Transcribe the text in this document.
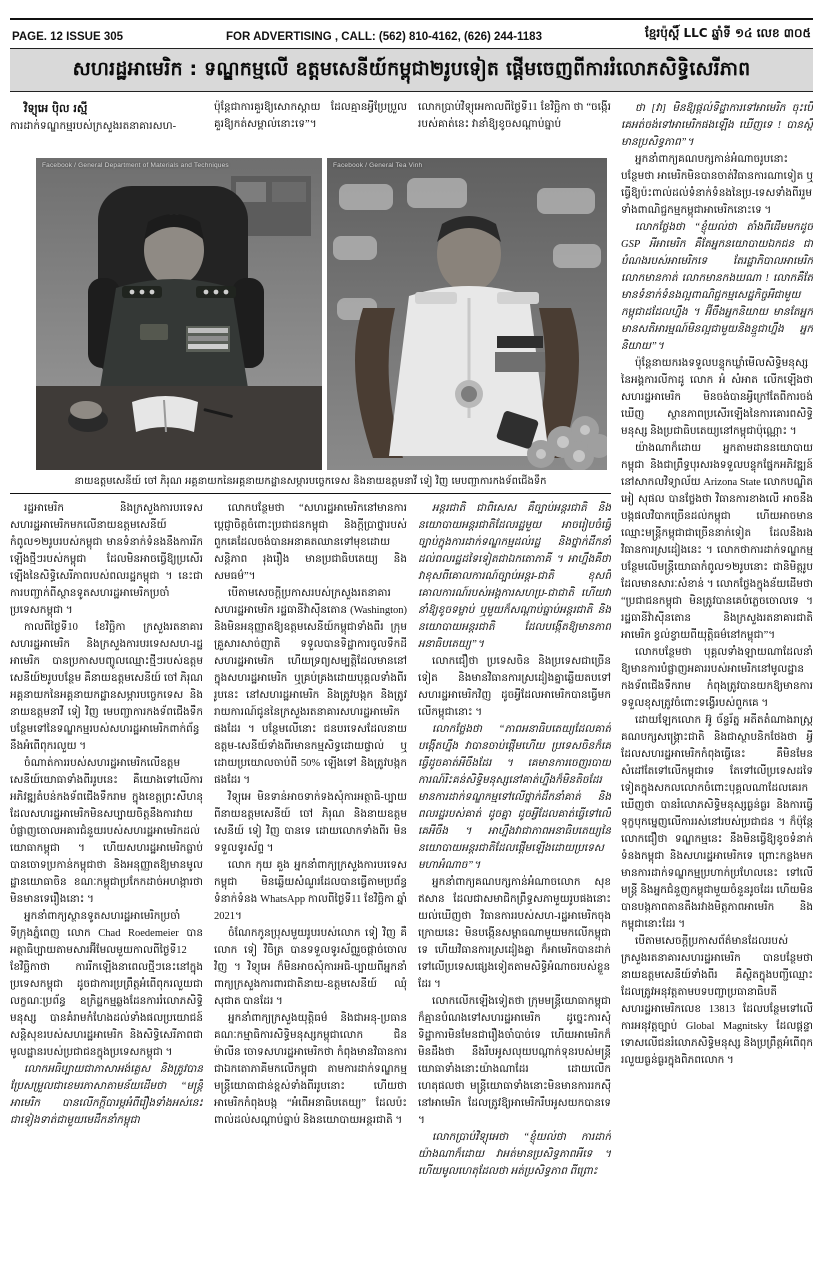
PAGE. 12 ISSUE 305	FOR ADVERTISING , CALL: (562) 810-4162, (626) 244-1183	ខ្មែរប៉ុស្ដិ៍ LLC ឆ្នាំទី ១៤ លេខ ៣០៥
សហរដ្ឋអាមេរិក : ទណ្ឌកម្មលើ ឧត្តមសេនីយ៍កម្ពុជា២រូបទៀត ផ្ដើមចេញពីការរំលោភសិទ្ធិសេរីភាព
វិទ្យុអេ ប៉ិល រស្មី
ការដាក់ទណ្ឌកម្មរបស់ក្រសួងរតនាគារសហ-
ប៉ុន្តែជាការគួរឱ្យសោកស្ដាយ ដែលគ្មានអ្វីប្រែប្រួលគួរឱ្យកត់សម្គាល់នោះទេ”។
លោកប្រាប់វិទ្យុអេកាលពីថ្ងៃទី11 ខែវិច្ឆិកា ថា “ចង្កើររបស់គាត់នេះ វានាំឱ្យខូចសណ្ដាប់ធ្នាប់
Facebook / General Department of Materials and Techniques	Facebook / General Tea Vinh
នាយឧត្តមសេនីយ៍ ចៅ ភិរុណ អគ្គនាយកនៃអគ្គនាយកដ្ឋានសម្ភារបច្ចេកទេស និងនាយឧត្តមនាវី ទៀ វិញ មេបញ្ជាការកងទ័ពជើងទឹក

រដ្ឋអាមេរិក និងក្រសួងការបរទេសសហរដ្ឋអាមេរិកមកលើនាយឧត្តមសេនីយ៍កំពូល១២រូបរបស់កម្ពុជា មានទំនាក់ទំនងនឹងការរីកឡើងថ្មីៗរបស់កម្ពុជា ដែលមិនអាចធ្វើឱ្យប្រសើរឡើងនៃសិទ្ធិសេរីភាពរបស់ពលរដ្ឋកម្ពុជា ។ នេះជាការបញ្ជាក់ពីស្ថានទូតសហរដ្ឋអាមេរិកប្រចាំប្រទេសកម្ពុជា ។

កាលពីថ្ងៃទី10 ខែវិច្ឆិកា ក្រសួងរតនាគារសហរដ្ឋអាមេរិក និងក្រសួងការបរទេសសហ-រដ្ឋអាមេរិក បានប្រកាសបញ្ចូលឈ្មោះថ្មីៗរបស់ឧត្តមសេនីយ៍២រូបបន្ថែម គឺនាយឧត្តមសេនីយ៍ ចៅ ភិរុណ អគ្គនាយកនៃអគ្គនាយកដ្ឋានសម្ភារបច្ចេកទេស និងនាយឧត្តមនាវី ទៀ វិញ មេបញ្ជាការកងទ័ពជើងទឹក បន្ថែមទៅនៃទណ្ឌកម្មរបស់សហរដ្ឋអាមេរិកពាក់ព័ន្ធនឹងអំពើពុករលួយ ។

ចំណាត់ការរបស់សហរដ្ឋអាមេរិកលើឧត្តមសេនីយ៍យោធាទាំងពីររូបនេះ គឺយោងទៅលើការអភិវឌ្ឍតំបន់កងទ័ពជើងទឹករាម ក្នុងខេត្តព្រះសីហនុ ដែលសហរដ្ឋអាមេរិកមិនសប្បាយចិត្តនឹងការវាយបំផ្លាញចោលអគារជំនួយរបស់សហរដ្ឋអាមេរិកដល់យោធាកម្ពុជា ។ ហើយសហរដ្ឋអាមេរិកធ្លាប់បានចោទប្រកាន់កម្ពុជាថា និងអនុញ្ញាតឱ្យមានមូលដ្ឋានយោធាចិន ខណៈកម្ពុជាប្រកែកដាច់អហង្ការថា មិនមានទេរឿងនោះ ។

អ្នកនាំពាក្យស្ថានទូតសហរដ្ឋអាមេរិកប្រចាំទីក្រុងភ្នំពេញ លោក Chad Roedemeier បានអត្ថាធិប្បាយតាមសារអ៊ីមែលមួយកាលពីថ្ងៃទី12 ខែវិច្ឆិកាថា ការរីកឡើងនាពេលថ្មីៗនេះនៅក្នុងប្រទេសកម្ពុជា ដូចជាការប្រព្រឹត្តអំពើពុករលួយជាលក្ខណៈប្រព័ន្ធ ឧក្រិដ្ឋកម្មឆ្លងដែនការរំលោភសិទ្ធិមនុស្ស បានគំរាមកំហែងដល់ទាំងផលប្រយោជន៍សន្តិសុខរបស់សហរដ្ឋអាមេរិក និងសិទ្ធិសេរីភាពជាមូលដ្ឋានរបស់ប្រជាជនក្នុងប្រទេសកម្ពុជា ។

លោកអធិប្បាយជាភាសាអង់គ្លេស និងត្រូវបានប្រែសម្រួលជាខេមរភាសាតាមន័យដើមថា “មន្ត្រីអាមេរិក បានលើកក្ដីបារម្ភអំពីរឿងទាំងអស់នេះជាទៀងទាត់ជាមួយមេដឹកនាំកម្ពុជា

លោកបន្ថែមថា “សហរដ្ឋអាមេរិកនៅមានការប្ដេជ្ញាចិត្តចំពោះប្រជាជនកម្ពុជា និងក្ដីប្រាថ្នារបស់ពួកគេដែលចង់បានអនាគតឈានទៅមុខដោយសន្តិភាព រុងរឿង មានប្រជាធិបតេយ្យ និងសមធម៌”។

បើតាមសេចក្ដីប្រកាសរបស់ក្រសួងរតនាគារសហរដ្ឋអាមេរិក រដ្ឋធានីវ៉ាស៊ីនតោន (Washington) និងមិនអនុញ្ញាតឱ្យឧត្តមសេនីយ៍កម្ពុជាទាំងពីរ ក្រុមគ្រួសារសាច់ញាតិ ទទួលបានទិដ្ឋាការចូលទឹកដីសហរដ្ឋអាមេរិក ហើយទ្រព្យសម្បត្តិដែលមាននៅក្នុងសហរដ្ឋអាមេរិក ឬគ្រប់គ្រងដោយបុគ្គលទាំងពីររូបនេះ នៅសហរដ្ឋអាមេរិក និងត្រូវបង្កក និងត្រូវរាយការណ៍ជូននៃក្រសួងរតនាគារសហរដ្ឋអាមេរិកផងដែរ ។ បន្ថែមលើនោះ ជនបរទេសដែលនាយឧត្តម-សេនីយ៍ទាំងពីរមានកម្មសិទ្ធដោយផ្ទាល់ ឬដោយប្រយោលចាប់ពី 50% ឡើងទៅ និងត្រូវបង្កកផងដែរ ។

វិទ្យុអេ មិនទាន់អាចទាក់ទងសុំការអត្ថាធិ-ប្បាយ ពីនាយឧត្តមសេនីយ៍ ចៅ ភិរុណ និងនាយឧត្តមសេនីយ៍ ទៀ វិញ បានទេ ដោយលោកទាំងពីរ មិនទទួលទូរស័ព្ទ ។

លោក កុយ គួង អ្នកនាំពាក្យក្រសួងការបរទេសកម្ពុជា មិនឆ្លើយសំណួរដែលបានធ្វើតាមប្រព័ន្ធទំនាក់ទំនង WhatsApp កាលពីថ្ងៃទី11 ខែវិច្ឆិកា ឆ្នាំ 2021។

ចំណែកកូនប្រុសមួយរូបរបស់លោក ទៀ វិញ គឺលោក ទៀ វិចិត្រ បានទទួលទូរស័ព្ទរួចផ្ដាច់ចោលវិញ ។ វិទ្យុអេ ក៏មិនអាចសុំការអធិ-ប្បាយពីអ្នកនាំពាក្យក្រសួងការពារជាតិនាយ-ឧត្តមសេនីយ៍ ឈុំ សុជាត បានដែរ ។

អ្នកនាំពាក្យក្រសួងយុត្តិធម៌ និងជាអនុ-ប្រធានគណៈកម្មាធិការសិទ្ធិមនុស្សកម្ពុជាលោក ជិន ម៉ាលីន ចោទសហរដ្ឋអាមេរិកថា កំពុងមានវិធានការជាឯកតោភាគីមកលើកម្ពុជា តាមការដាក់ទណ្ឌកម្មមន្ត្រីយោធាជាន់ខ្ពស់ទាំងពីររូបនោះ ហើយថា អាមេរិកកំពុងបង្ក “អំពើអនាធិបតេយ្យ” ដែលប៉ះពាល់ដល់សណ្ដាប់ធ្នាប់ និងនយោបាយអន្តរជាតិ ។

អន្តរជាតិ ជាពិសេស គឺច្បាប់អន្តរជាតិ និងនយោបាយអន្តរជាតិដែលរដ្ឋមួយ អាចរៀបចំធ្វើច្បាប់ក្នុងការដាក់ទណ្ឌកម្មដល់រដ្ឋ និងថ្នាក់ដឹកនាំ ដល់ពលរដ្ឋដទៃទៀតជាឯកតោភាគី ។ អាហ្នឹងគឺថា វាខុសពីគោលការណ៍ច្បាប់អន្តរ-ជាតិ ខុសពីគោលការណ៍របស់អង្គការសហប្រ-ជាជាតិ ហើយវានាំឱ្យខូចទម្លាប់ ឬមួយក៏សណ្ដាប់ធ្នាប់អន្តរជាតិ និងនយោបាយអន្តរជាតិ ដែលបង្កើតឱ្យមានភាពអនាធិបតេយ្យ”។

លោកជឿថា ប្រទេសចិន និងប្រទេសជាច្រើនទៀត និងមានវិធានការស្រដៀងគ្នាឆ្លើយតបទៅសហរដ្ឋអាមេរិកវិញ ដូចអ្វីដែលអាមេរិកបានធ្វើមកលើកម្ពុជានោះ ។

លោកថ្លែងថា “ភាពអនាធិបតេយ្យដែលគាត់បង្កើតហ្នឹង វាបានចាប់ផ្ដើមហើយ ប្រទេសចិនក៏គេធ្វើដូចគាត់អីចឹងដែរ ។ គេមានការចេញរបាយការណ៍រិះគន់សិទ្ធិមនុស្សនៅគាត់ហ្នឹងក៏មិនតិចដែរ មានការដាក់ទណ្ឌកម្មទៅលើថ្នាក់ដឹកនាំគាត់ និងពលរដ្ឋរបស់គាត់ ដូចគ្នា ដូចអ្វីដែលគាត់ធ្វើទៅលើគេអីចឹង ។ អាហ្នឹងវាជាភាពអនាធិបតេយ្យនៃនយោបាយអន្តរជាតិដែលផ្ដើមឡើងដោយប្រទេសមហាអំណាច”។

អ្នកនាំពាក្យគណបក្សកាន់អំណាចលោក សុខ ឥសាន ដែលជាសមាជិកព្រឹទ្ធសភាមួយរូបផងនោះយល់ឃើញថា វិធានការរបស់សហ-រដ្ឋអាមេរិកចុងក្រោយនេះ មិនបង្កើនសម្ពាធណាមួយមកលើកម្ពុជាទេ ហើយវិធានការស្រដៀងគ្នា ក៏អាមេរិកបានដាក់ទៅលើប្រទេសផ្សេងទៀតតាមសិទ្ធិអំណាចរបស់ខ្លួនដែរ ។

លោកលើកឡើងទៀតថា ក្រុមមន្ត្រីយោធាកម្ពុជា ក៏គ្មានបំណងទៅសហរដ្ឋអាមេរិក ដូច្នេះការសុំទិដ្ឋាការមិនមែនជារឿងចាំបាច់ទេ ហើយអាមេរិកក៏មិនដឹងថា នឹងរឹបអូសលុយបណ្ដាក់ទុនរបស់មន្ត្រីយោធាទាំងនោះយ៉ាងណាដែរ ដោយលើកហេតុផលថា មន្ត្រីយោធាទាំងនោះមិនមានការរកស៊ីនៅអាមេរិក ដែលត្រូវឱ្យអាមេរិករឹបអូសយកបានទេ ។

លោកប្រាប់វិទ្យុអេថា “ខ្ញុំយល់ថា ការដាក់យ៉ាងណាក៏ដោយ វាអត់មានប្រសិទ្ធភាពអីទេ ។ ហើយមូលហេតុដែលថា អត់ប្រសិទ្ធភាព ពីព្រោះ

ថា [វា] មិនឱ្យផ្ដល់ទិដ្ឋាការទៅអាមេរិក ចុះបើគេអត់ចង់ទៅអាមេរិកផងឡើង ឃើញទេ ! បានស្ដីមានប្រសិទ្ធភាព”។

អ្នកនាំពាក្យគណបក្សកាន់អំណាចរូបនោះបន្ថែមថា អាមេរិកមិនបានចាត់វិធានការណាទៀត ឬធ្វើឱ្យប៉ះពាល់ដល់ទំនាក់ទំនងនៃប្រ-ទេសទាំងពីររួមទាំងពាណិជ្ជកម្មកម្ពុជាអាមេរិកនោះទេ ។

លោកថ្លែងថា “ខ្ញុំយល់ថា តាំងពីដើមមកដូច GSP អីអាមេរិក គឺតែអ្នកនយោបាយឯកជន ជាបំណងរបស់អាមេរិកទេ តែរដ្ឋាភិបាលអាមេរិក លោកមានកាត់ លោកមានកងឃណា ! លោកគឺតែមានទំនាក់ទំនងល្អពាណិជ្ជកម្មសេដ្ឋកិច្ចអីជាមួយកម្ពុជាដដែលហ្នឹង ។ អ៊ីចឹងអ្នកនិយាយ មានតែអ្នកមានសតិអារម្មណ៍មិនល្អជាមួយនិងខ្មួជាហ្នឹង អ្នកនិយាយ”។

ប៉ុន្តែនាយករងទទួលបន្ទុកឃ្លាំមើលសិទ្ធិមនុស្សនៃអង្គការលីកាដូ លោក អំ សំអាត លើកឡើងថា សហរដ្ឋអាមេរិក មិនចង់បានអ្វីក្រៅតែពីការចង់ឃើញ ស្ថានភាពប្រសើរឡើងនៃការគោរពសិទ្ធិមនុស្ស និងប្រជាធិបតេយ្យនៅកម្ពុជាប៉ុណ្ណោះ ។

យ៉ាងណាក៏ដោយ អ្នកតាមដាននយោបាយកម្ពុជា និងជាព្រឹទ្ធបុរសរងទទួលបន្ទុកផ្នែកអភិវឌ្ឍន៍នៅសាកលវិទ្យាល័យ Arizona State លោកបណ្ឌិត អៀ សុផល បានថ្លែងថា វិធានការខាងលើ អាចនឹងបង្កផលវិបាកច្រើនដល់កម្ពុជា ហើយអាចមានឈ្មោះមន្ត្រីកម្ពុជាជាច្រើននាក់ទៀត ដែលនឹងរងវិធានការស្រដៀងនេះ ។ លោកថាការដាក់ទណ្ឌកម្មបន្ថែមលើមន្ត្រីយោធាកំពូល១២រូបនោះ ជានិមិត្តរូបដែលមានសារៈសំខាន់ ។ លោកថ្លែងក្នុងន័យដើមថា “ប្រជាជនកម្ពុជា មិនត្រូវបានគេបំភ្លេចចោលទេ ។ រដ្ឋធានីវ៉ាស៊ីនតោន និងក្រសួងរតនាគារជាតិអាមេរិក ខ្វល់ខ្វាយពីយុត្តិធម៌នៅកម្ពុជា”។

លោកបន្ថែមថា បុគ្គលទាំងឡាយណាដែលនាំឱ្យមានការបំផ្លាញអគាររបស់អាមេរិកនៅមូលដ្ឋានកងទ័ពជើងទឹករាម កំពុងត្រូវបានយកឱ្យមានការទទួលខុសត្រូវចំពោះទង្វើរបស់ពួកគេ ។

ដោយឡែកលោក អ៊ូ ច័ន្ទរ័ត្ន អតីតតំណាងរាស្ត្រគណបក្សសង្គ្រោះជាតិ និងជាស្ថាបនិកថែងថា អ្វីដែលសហរដ្ឋអាមេរិកកំពុងធ្វើនេះ គឺមិនមែនសំដៅតែទៅលើកម្ពុជាទេ តែទៅលើប្រទេសដទៃទៀតក្នុងសកលលោកចំពោះបុគ្គលណាដែលគេរកឃើញថា បានរំលោភសិទ្ធិមនុស្សធ្ងន់ធ្ងរ និងការធ្វើទុក្ខបុកម្នេញលើការរស់នៅរបស់ប្រជាជន ។ ក៏ប៉ុន្តែលោកជឿថា ទណ្ឌកម្មនេះ នឹងមិនធ្វើឱ្យខូចទំនាក់ទំនងកម្ពុជា និងសហរដ្ឋអាមេរិកទេ ព្រោះកន្លងមក មានការដាក់ទណ្ឌកម្មប្រហាក់ប្រហែលនេះ ទៅលើមន្ត្រី និងអ្នកជំនួញកម្ពុជាមួយចំនួនរូចដែរ ហើយមិនបានបង្កភាពតានតឹងរវាងមិត្តភាពអាមេរិក និងកម្ពុជានោះដែរ ។

បើតាមសេចក្ដីប្រកាសព័ត៌មានដែលរបស់ក្រសួងរតនាគារសហរដ្ឋអាមេរិក បានបន្ថែមថា នាយឧត្តមសេនីយ៍ទាំងពីរ គឺស្ថិតក្នុងបញ្ជីឈ្មោះដែលត្រូវអនុវត្តតាមបទបញ្ជាប្រធានាធិបតីសហរដ្ឋអាមេរិកលេខ 13813 ដែលបន្ថែមទៅលើការអនុវត្តច្បាប់ Global Magnitsky ដែលផ្ដន្ទាទោសលើជនរំលោភសិទ្ធិមនុស្ស និងប្រព្រឹត្តអំពើពុករលួយធ្ងន់ធ្ងរក្នុងពិភពលោក ។
